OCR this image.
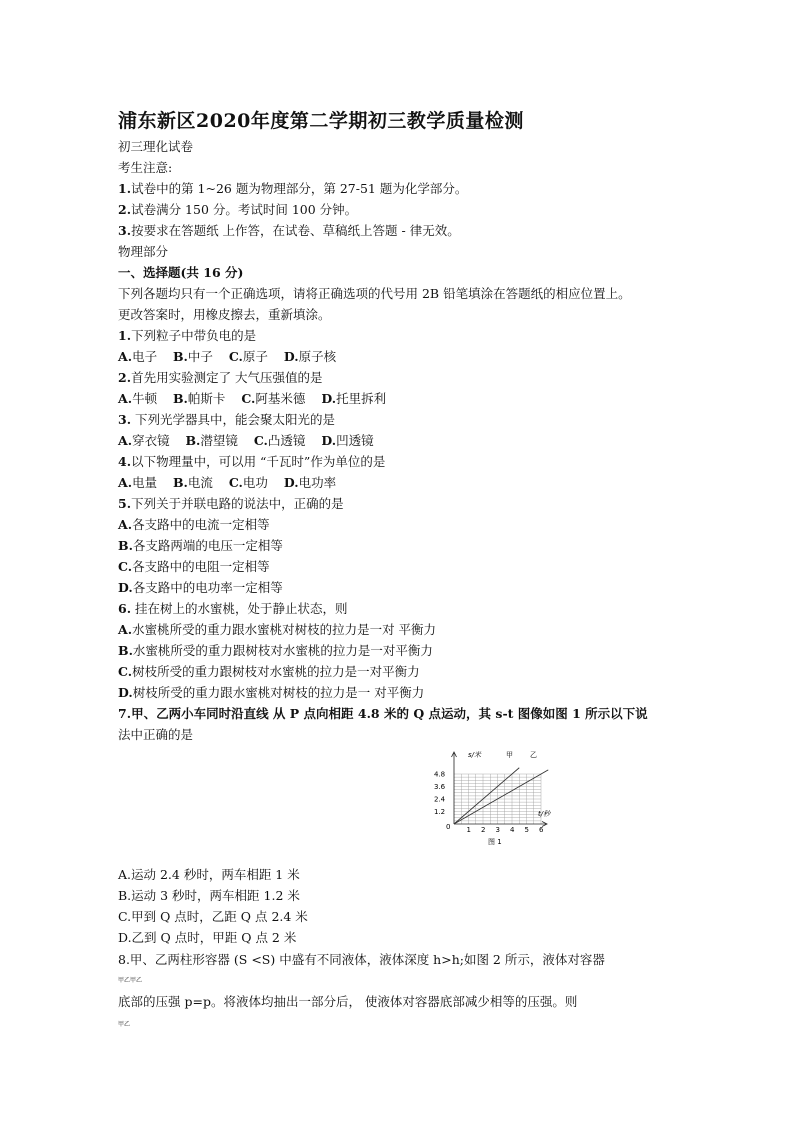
浦东新区2020年度第二学期初三教学质量检测
初三理化试卷
考生注意:
1.试卷中的第 1~26 题为物理部分，第 27-51 题为化学部分。
2.试卷满分 150 分。考试时间 100 分钟。
3.按要求在答题纸 上作答，在试卷、草稿纸上答题 - 律无效。
物理部分
一、选择题(共 16 分)
下列各题均只有一个正确选项，请将正确选项的代号用 2B 铅笔填涂在答题纸的相应位置上。
更改答案时，用橡皮擦去，重新填涂。
1.下列粒子中带负电的是
A.电子 B.中子 C.原子 D.原子核
2.首先用实验测定了 大气压强值的是
A.牛顿 B.帕斯卡 C.阿基米德 D.托里拆利
3. 下列光学器具中，能会聚太阳光的是
A.穿衣镜 B.潜望镜 C.凸透镜 D.凹透镜
4.以下物理量中，可以用 “千瓦时”作为单位的是
A.电量 B.电流 C.电功 D.电功率
5.下列关于并联电路的说法中，正确的是
A.各支路中的电流一定相等
B.各支路两端的电压一定相等
C.各支路中的电阻一定相等
D.各支路中的电功率一定相等
6. 挂在树上的水蜜桃，处于静止状态，则
A.水蜜桃所受的重力跟水蜜桃对树枝的拉力是一对 平衡力
B.水蜜桃所受的重力跟树枝对水蜜桃的拉力是一对平衡力
C.树枝所受的重力跟树枝对水蜜桃的拉力是一对平衡力
D.树枝所受的重力跟水蜜桃对树枝的拉力是一 对平衡力
7.甲、乙两小车同时沿直线 从 P 点向相距 4.8 米的 Q 点运动，其 s-t 图像如图 1 所示以下说
法中正确的是
1 2 3 4 5 6
1.2
2.4
3.6
4.8
s/米
t/秒
0
甲 乙
图 1
A.运动 2.4 秒时，两车相距 1 米
B.运动 3 秒时，两车相距 1.2 米
C.甲到 Q 点时，乙距 Q 点 2.4 米
D.乙到 Q 点时，甲距 Q 点 2 米
8.甲、乙两柱形容器 (S <S) 中盛有不同液体，液体深度 h>h;如图 2 所示，液体对容器
甲乙甲乙
底部的压强 p=p。将液体均抽出一部分后， 使液体对容器底部减少相等的压强。则
甲乙
